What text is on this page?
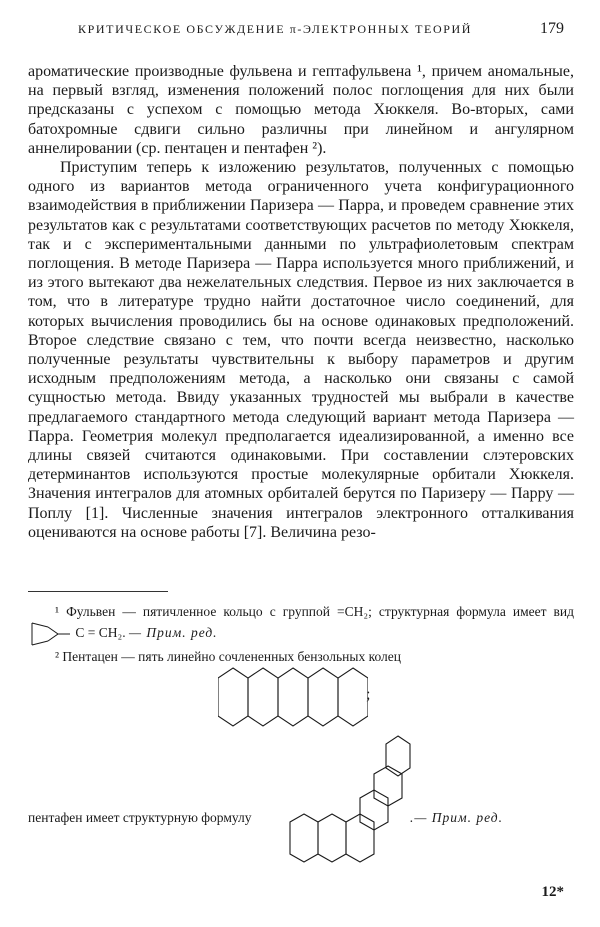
КРИТИЧЕСКОЕ ОБСУЖДЕНИЕ π-ЭЛЕКТРОННЫХ ТЕОРИЙ	179

ароматические производные фульвена и гептафульвена ¹, причем аномальные, на первый взгляд, изменения положений полос поглощения для них были предсказаны с успехом с помощью метода Хюккеля. Во-вторых, сами батохромные сдвиги сильно различны при линейном и ангулярном аннелировании (ср. пентацен и пентафен ²).

Приступим теперь к изложению результатов, полученных с помощью одного из вариантов метода ограниченного учета конфигурационного взаимодействия в приближении Паризера — Парра, и проведем сравнение этих результатов как с результатами соответствующих расчетов по методу Хюккеля, так и с экспериментальными данными по ультрафиолетовым спектрам поглощения. В методе Паризера — Парра используется много приближений, и из этого вытекают два нежелательных следствия. Первое из них заключается в том, что в литературе трудно найти достаточное число соединений, для которых вычисления проводились бы на основе одинаковых предположений. Второе следствие связано с тем, что почти всегда неизвестно, насколько полученные результаты чувствительны к выбору параметров и другим исходным предположениям метода, а насколько они связаны с самой сущностью метода. Ввиду указанных трудностей мы выбрали в качестве предлагаемого стандартного метода следующий вариант метода Паризера — Парра. Геометрия молекул предполагается идеализированной, а именно все длины связей считаются одинаковыми. При составлении слэтеровских детерминантов используются простые молекулярные орбитали Хюккеля. Значения интегралов для атомных орбиталей берутся по Паризеру — Парру — Поплу [1]. Численные значения интегралов электронного отталкивания оцениваются на основе работы [7]. Величина резо-

¹ Фульвен — пятичленное кольцо с группой =CH₂; структурная формула имеет вид  C = CH₂. — Прим. ред.

² Пентацен — пять линейно сочлененных бензольных колец

;
пентафен имеет структурную формулу	.— Прим. ред.
12*
